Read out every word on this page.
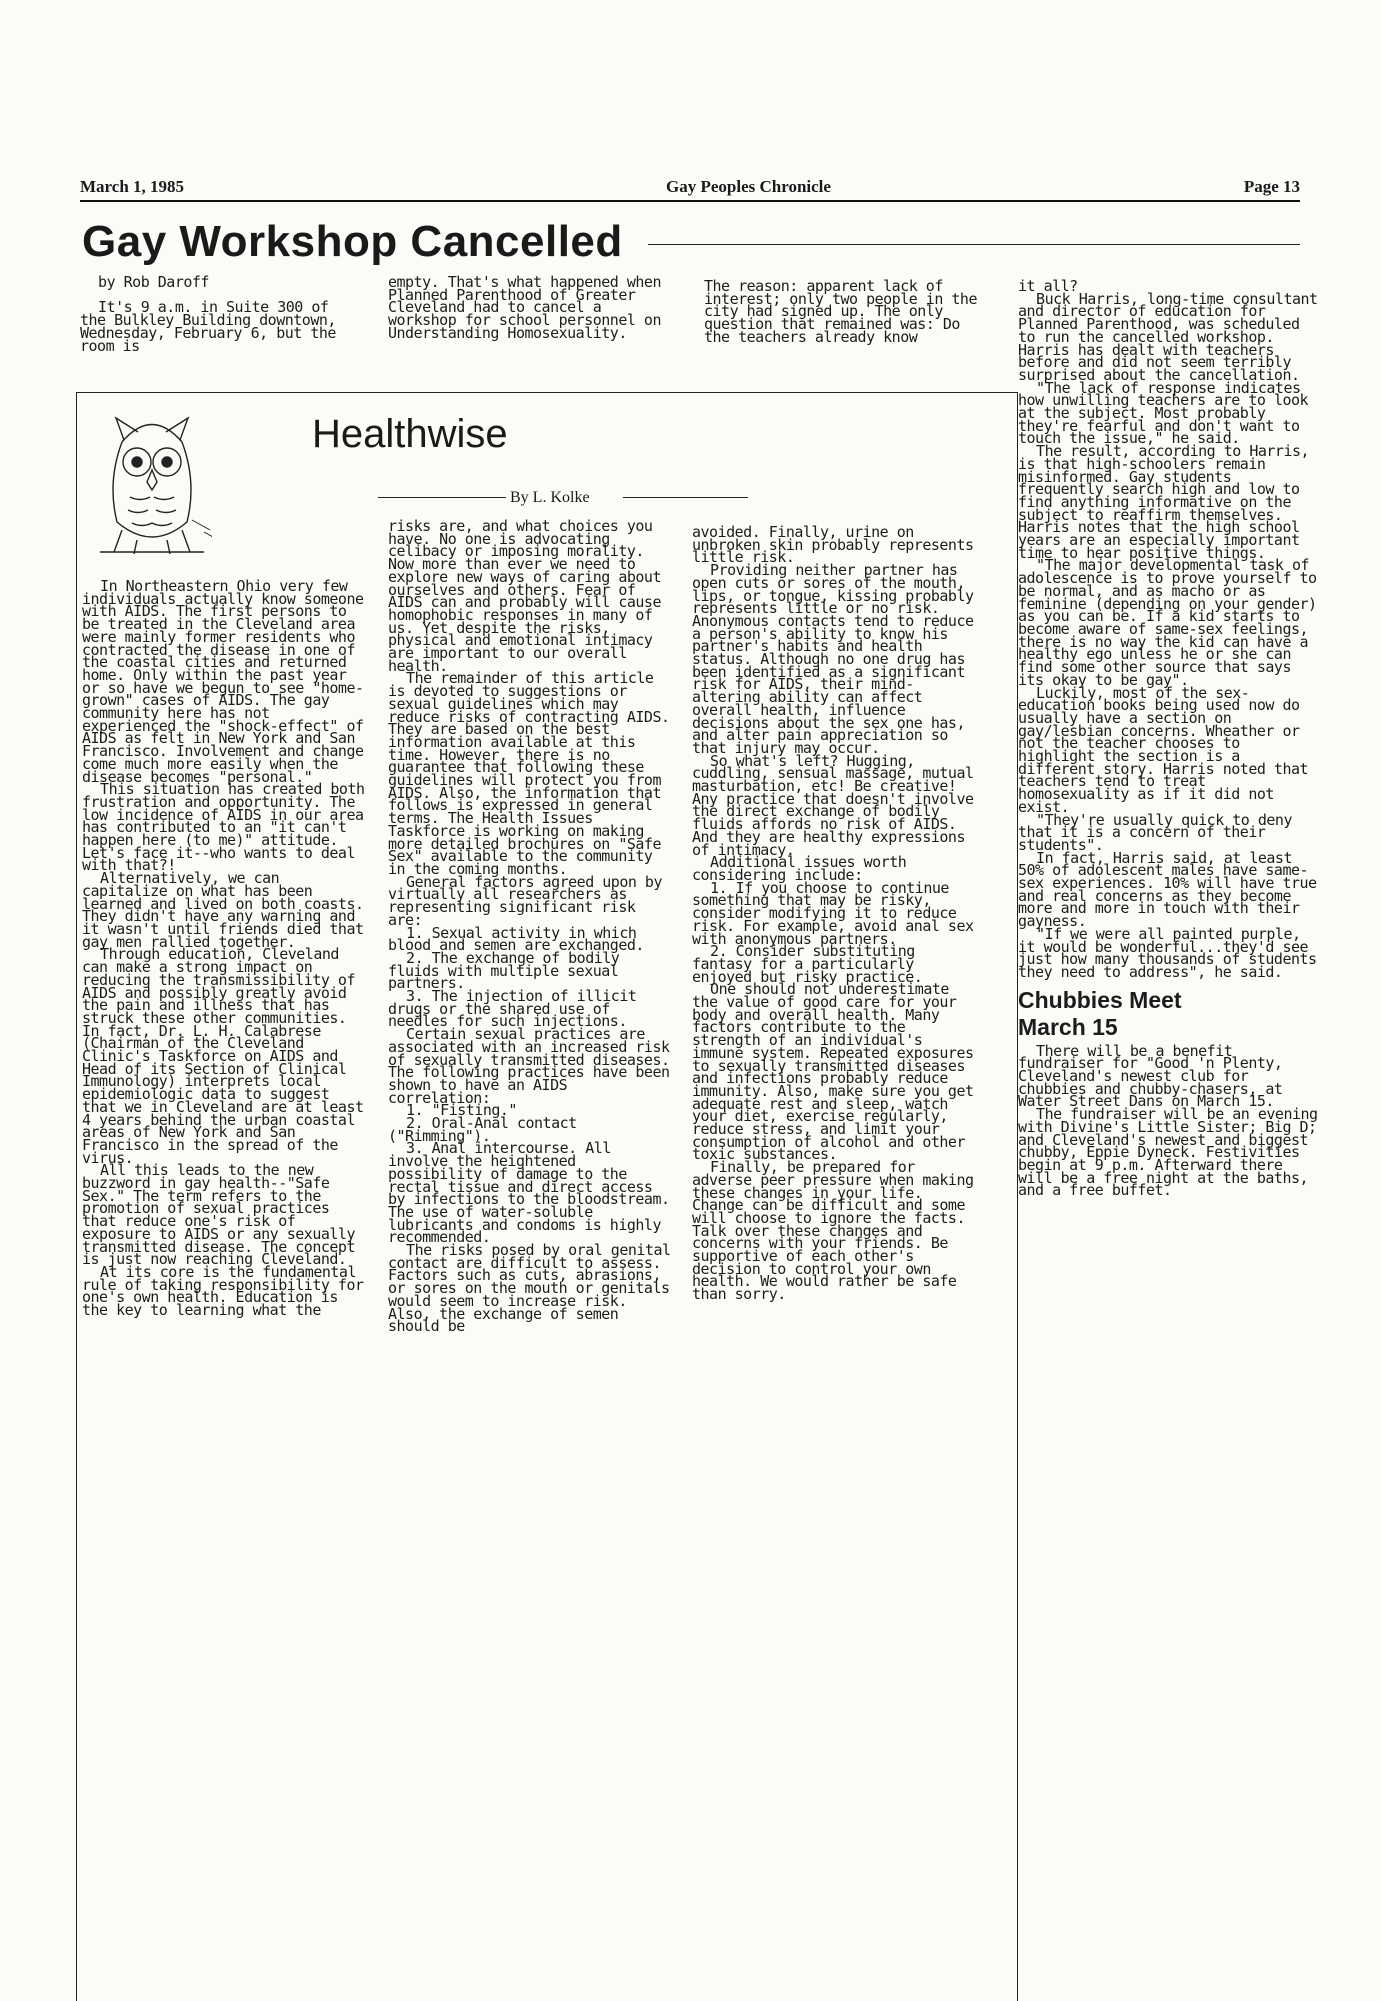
March 1, 1985	Gay Peoples Chronicle	Page 13
Gay Workshop Cancelled

by Rob Daroff

It's 9 a.m. in Suite 300 of the Bulkley Building downtown, Wednesday, February 6, but the room is

empty. That's what happened when Planned Parenthood of Greater Cleveland had to cancel a workshop for school personnel on Understanding Homosexuality.

The reason: apparent lack of interest; only two people in the city had signed up. The only question that remained was: Do the teachers already know

it all?

Buck Harris, long-time consultant and director of education for Planned Parenthood, was scheduled to run the cancelled workshop. Harris has dealt with teachers before and did not seem terribly surprised about the cancellation.

"The lack of response indicates how unwilling teachers are to look at the subject. Most probably they're fearful and don't want to touch the issue," he said.

The result, according to Harris, is that high-schoolers remain misinformed. Gay students frequently search high and low to find anything informative on the subject to reaffirm themselves. Harris notes that the high school years are an especially important time to hear positive things.

"The major developmental task of adolescence is to prove yourself to be normal, and as macho or as feminine (depending on your gender) as you can be. If a kid starts to become aware of same-sex feelings, there is no way the kid can have a healthy ego unless he or she can find some other source that says its okay to be gay".

Luckily, most of the sex-education books being used now do usually have a section on gay/lesbian concerns. Wheather or not the teacher chooses to highlight the section is a different story. Harris noted that teachers tend to treat homosexuality as if it did not exist.

"They're usually quick to deny that it is a concern of their students".

In fact, Harris said, at least 50% of adolescent males have same-sex experiences. 10% will have true and real concerns as they become more and more in touch with their gayness.

"If we were all painted purple, it would be wonderful...they'd see just how many thousands of students they need to address", he said.

Chubbies Meet
March 15

There will be a benefit fundraiser for "Good 'n Plenty, Cleveland's newest club for chubbies and chubby-chasers, at Water Street Dans on March 15.

The fundraiser will be an evening with Divine's Little Sister; Big D; and Cleveland's newest and biggest chubby, Eppie Dyneck. Festivities begin at 9 p.m. Afterward there will be a free night at the baths, and a free buffet.

Healthwise
By L. Kolke

In Northeastern Ohio very few individuals actually know someone with AIDS. The first persons to be treated in the Cleveland area were mainly former residents who contracted the disease in one of the coastal cities and returned home. Only within the past year or so have we begun to see "home-grown" cases of AIDS. The gay community here has not experienced the "shock-effect" of AIDS as felt in New York and San Francisco. Involvement and change come much more easily when the disease becomes "personal."

This situation has created both frustration and opportunity. The low incidence of AIDS in our area has contributed to an "it can't happen here (to me)" attitude. Let's face it--who wants to deal with that?!

Alternatively, we can capitalize on what has been learned and lived on both coasts. They didn't have any warning and it wasn't until friends died that gay men rallied together.

Through education, Cleveland can make a strong impact on reducing the transmissibility of AIDS and possibly greatly avoid the pain and illness that has struck these other communities. In fact, Dr. L. H. Calabrese (Chairman of the Cleveland Clinic's Taskforce on AIDS and Head of its Section of Clinical Immunology) interprets local epidemiologic data to suggest that we in Cleveland are at least 4 years behind the urban coastal areas of New York and San Francisco in the spread of the virus.

All this leads to the new buzzword in gay health--"Safe Sex." The term refers to the promotion of sexual practices that reduce one's risk of exposure to AIDS or any sexually transmitted disease. The concept is just now reaching Cleveland.

At its core is the fundamental rule of taking responsibility for one's own health. Education is the key to learning what the

risks are, and what choices you have. No one is advocating celibacy or imposing morality. Now more than ever we need to explore new ways of caring about ourselves and others. Fear of AIDS can and probably will cause homophobic responses in many of us. Yet despite the risks, physical and emotional intimacy are important to our overall health.

The remainder of this article is devoted to suggestions or sexual guidelines which may reduce risks of contracting AIDS. They are based on the best information available at this time. However, there is no guarantee that following these guidelines will protect you from AIDS. Also, the information that follows is expressed in general terms. The Health Issues Taskforce is working on making more detailed brochures on "Safe Sex" available to the community in the coming months.

General factors agreed upon by virtually all researchers as representing significant risk are:

1. Sexual activity in which blood and semen are exchanged.

2. The exchange of bodily fluids with multiple sexual partners.

3. The injection of illicit drugs or the shared use of needles for such injections.

Certain sexual practices are associated with an increased risk of sexually transmitted diseases. The following practices have been shown to have an AIDS correlation:

1. "Fisting."

2. Oral-Anal contact ("Rimming").

3. Anal intercourse. All involve the heightened possibility of damage to the rectal tissue and direct access by infections to the bloodstream. The use of water-soluble lubricants and condoms is highly recommended.

The risks posed by oral genital contact are difficult to assess. Factors such as cuts, abrasions, or sores on the mouth or genitals would seem to increase risk. Also, the exchange of semen should be

avoided. Finally, urine on unbroken skin probably represents little risk.

Providing neither partner has open cuts or sores of the mouth, lips, or tongue, kissing probably represents little or no risk. Anonymous contacts tend to reduce a person's ability to know his partner's habits and health status. Although no one drug has been identified as a significant risk for AIDS, their mind-altering ability can affect overall health, influence decisions about the sex one has, and alter pain appreciation so that injury may occur.

So what's left? Hugging, cuddling, sensual massage, mutual masturbation, etc! Be creative! Any practice that doesn't involve the direct exchange of bodily fluids affords no risk of AIDS. And they are healthy expressions of intimacy.

Additional issues worth considering include:

1. If you choose to continue something that may be risky, consider modifying it to reduce risk. For example, avoid anal sex with anonymous partners.

2. Consider substituting fantasy for a particularly enjoyed but risky practice.

One should not underestimate the value of good care for your body and overall health. Many factors contribute to the strength of an individual's immune system. Repeated exposures to sexually transmitted diseases and infections probably reduce immunity. Also, make sure you get adequate rest and sleep, watch your diet, exercise regularly, reduce stress, and limit your consumption of alcohol and other toxic substances.

Finally, be prepared for adverse peer pressure when making these changes in your life. Change can be difficult and some will choose to ignore the facts. Talk over these changes and concerns with your friends. Be supportive of each other's decision to control your own health. We would rather be safe than sorry.
